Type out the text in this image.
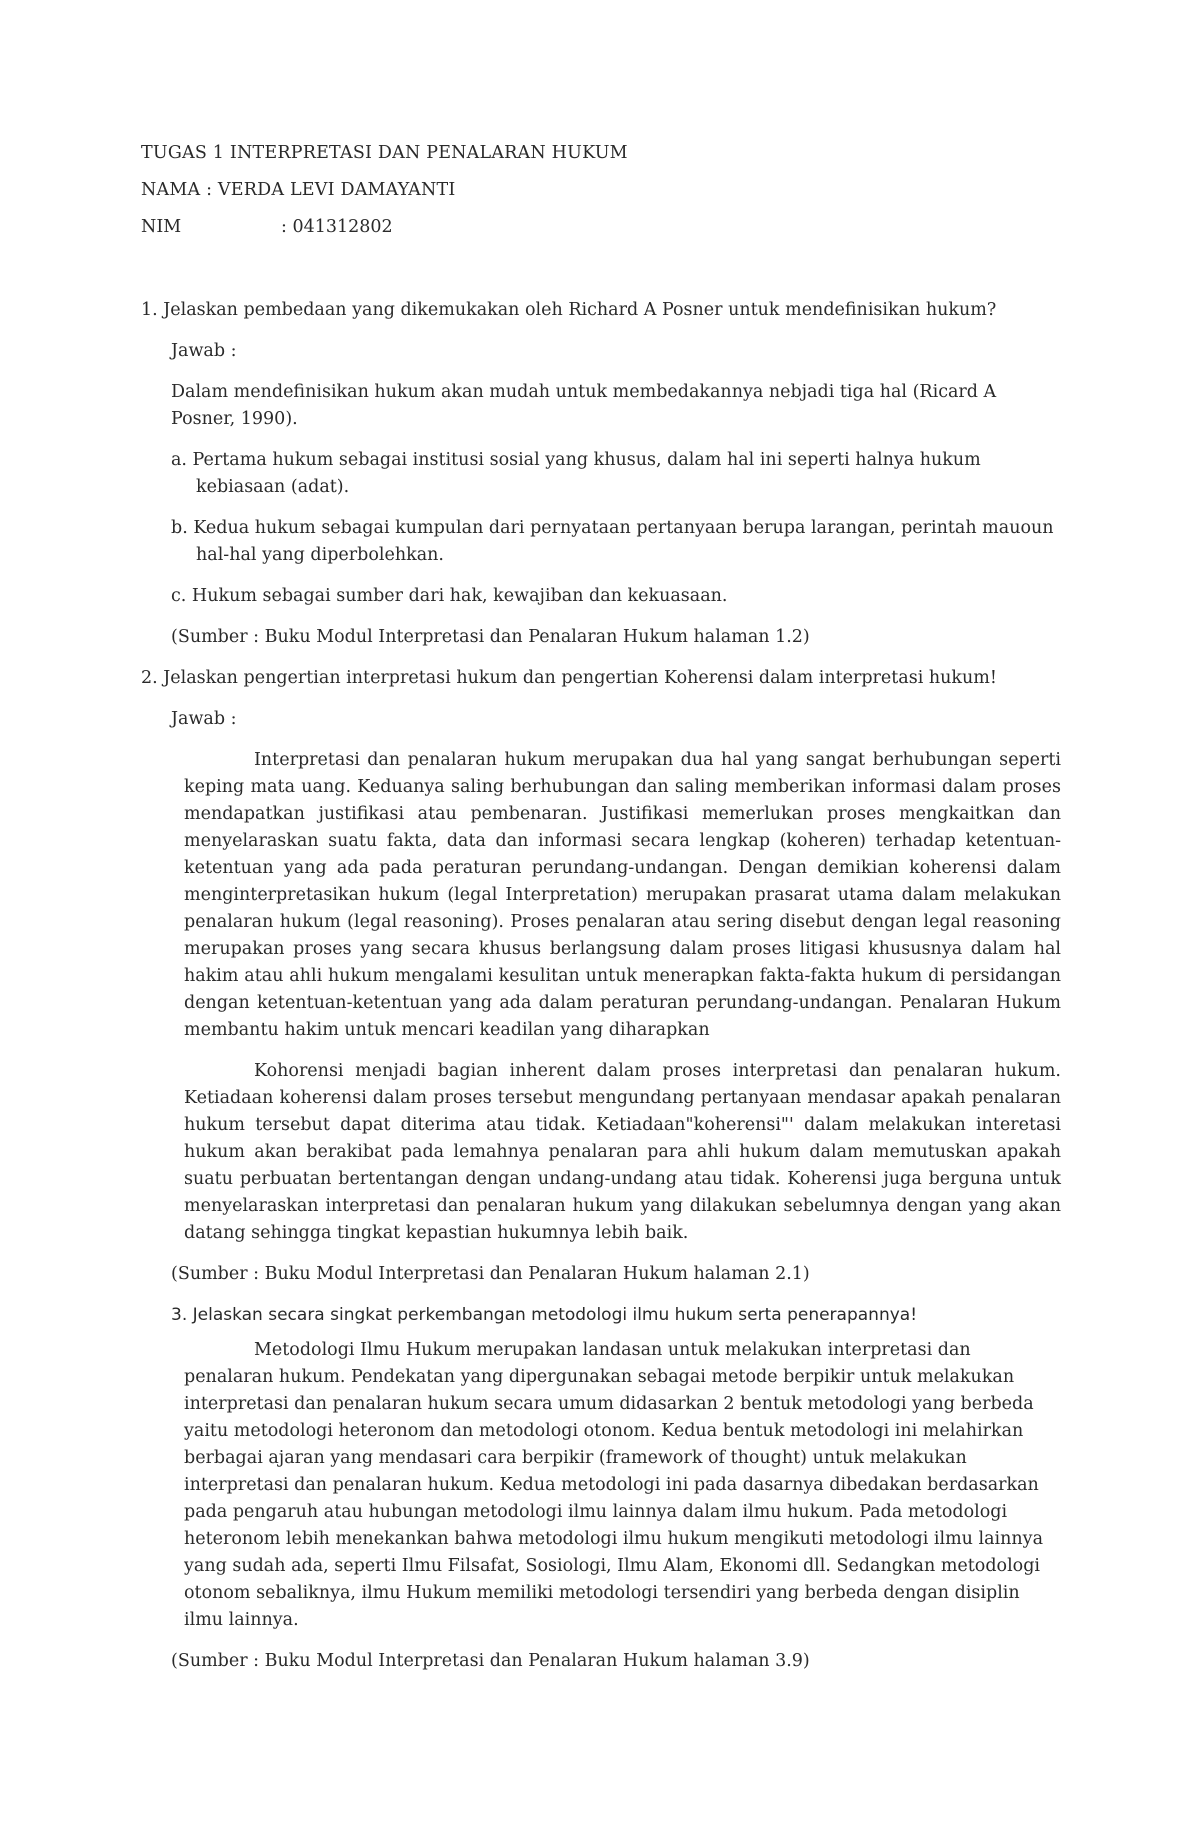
TUGAS 1 INTERPRETASI DAN PENALARAN HUKUM

NAMA : VERDA LEVI DAMAYANTI

NIM	: 041312802

1. Jelaskan pembedaan yang dikemukakan oleh Richard A Posner untuk mendefinisikan hukum?

Jawab :

Dalam mendefinisikan hukum akan mudah untuk membedakannya nebjadi tiga hal (Ricard A Posner, 1990).

a. Pertama hukum sebagai institusi sosial yang khusus, dalam hal ini seperti halnya hukum kebiasaan (adat).

b. Kedua hukum sebagai kumpulan dari pernyataan pertanyaan berupa larangan, perintah mauoun hal-hal yang diperbolehkan.

c. Hukum sebagai sumber dari hak, kewajiban dan kekuasaan.

(Sumber : Buku Modul Interpretasi dan Penalaran Hukum halaman 1.2)

2. Jelaskan pengertian interpretasi hukum dan pengertian Koherensi dalam interpretasi hukum!

Jawab :

Interpretasi dan penalaran hukum merupakan dua hal yang sangat berhubungan seperti keping mata uang. Keduanya saling berhubungan dan saling memberikan informasi dalam proses mendapatkan justifikasi atau pembenaran. Justifikasi memerlukan proses mengkaitkan dan menyelaraskan suatu fakta, data dan informasi secara lengkap (koheren) terhadap ketentuan-ketentuan yang ada pada peraturan perundang-undangan. Dengan demikian koherensi dalam menginterpretasikan hukum (legal Interpretation) merupakan prasarat utama dalam melakukan penalaran hukum (legal reasoning). Proses penalaran atau sering disebut dengan legal reasoning merupakan proses yang secara khusus berlangsung dalam proses litigasi khususnya dalam hal hakim atau ahli hukum mengalami kesulitan untuk menerapkan fakta-fakta hukum di persidangan dengan ketentuan-ketentuan yang ada dalam peraturan perundang-undangan. Penalaran Hukum membantu hakim untuk mencari keadilan yang diharapkan

Kohorensi menjadi bagian inherent dalam proses interpretasi dan penalaran hukum. Ketiadaan koherensi dalam proses tersebut mengundang pertanyaan mendasar apakah penalaran hukum tersebut dapat diterima atau tidak. Ketiadaan"koherensi"' dalam melakukan interetasi hukum akan berakibat pada lemahnya penalaran para ahli hukum dalam memutuskan apakah suatu perbuatan bertentangan dengan undang-undang atau tidak. Koherensi juga berguna untuk menyelaraskan interpretasi dan penalaran hukum yang dilakukan sebelumnya dengan yang akan datang sehingga tingkat kepastian hukumnya lebih baik.

(Sumber : Buku Modul Interpretasi dan Penalaran Hukum halaman 2.1)

3. Jelaskan secara singkat perkembangan metodologi ilmu hukum serta penerapannya!

Metodologi Ilmu Hukum merupakan landasan untuk melakukan interpretasi dan penalaran hukum. Pendekatan yang dipergunakan sebagai metode berpikir untuk melakukan interpretasi dan penalaran hukum secara umum didasarkan 2 bentuk metodologi yang berbeda yaitu metodologi heteronom dan metodologi otonom. Kedua bentuk metodologi ini melahirkan berbagai ajaran yang mendasari cara berpikir (framework of thought) untuk melakukan interpretasi dan penalaran hukum. Kedua metodologi ini pada dasarnya dibedakan berdasarkan pada pengaruh atau hubungan metodologi ilmu lainnya dalam ilmu hukum. Pada metodologi heteronom lebih menekankan bahwa metodologi ilmu hukum mengikuti metodologi ilmu lainnya yang sudah ada, seperti Ilmu Filsafat, Sosiologi, Ilmu Alam, Ekonomi dll. Sedangkan metodologi otonom sebaliknya, ilmu Hukum memiliki metodologi tersendiri yang berbeda dengan disiplin ilmu lainnya.

(Sumber : Buku Modul Interpretasi dan Penalaran Hukum halaman 3.9)
